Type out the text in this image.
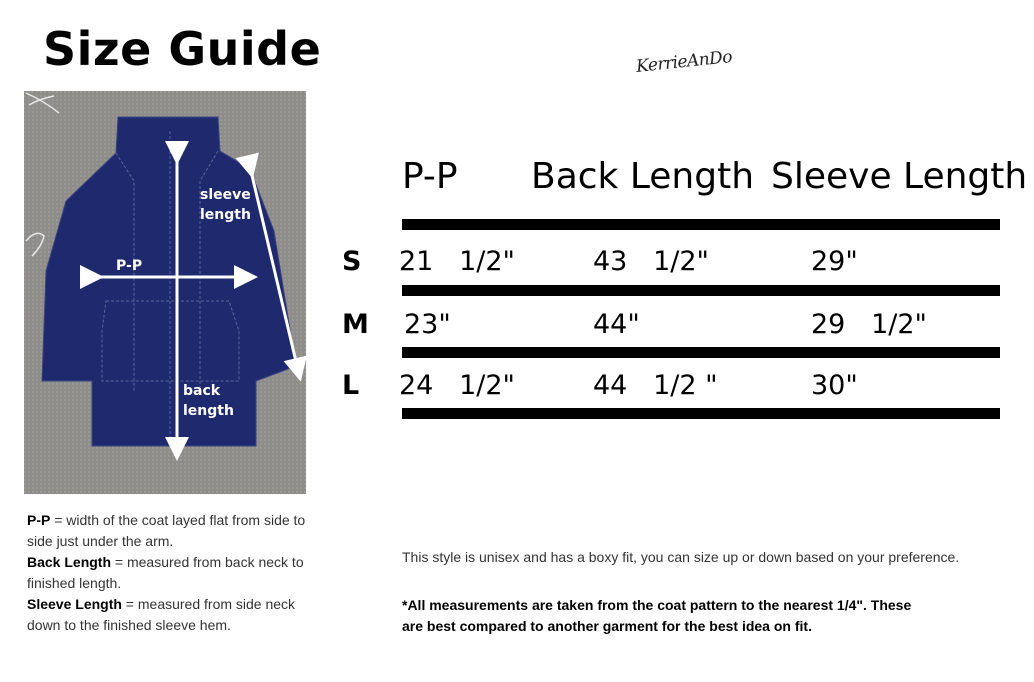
Size Guide	KerrieAnDo
sleeve
length
P-P
back
length
P-P = width of the coat layed flat from side to side just under the arm.
Back Length = measured from back neck to finished length.
Sleeve Length = measured from side neck down to the finished sleeve hem.
P-P Back Length Sleeve Length
S 21   1/2"	43   1/2"	29"
M 23"	44"	29   1/2"
L 24   1/2"	44   1/2 "	30"
This style is unisex and has a boxy fit, you can size up or down based on your preference.
*All measurements are taken from the coat pattern to the nearest 1/4". These are best compared to another garment for the best idea on fit.
